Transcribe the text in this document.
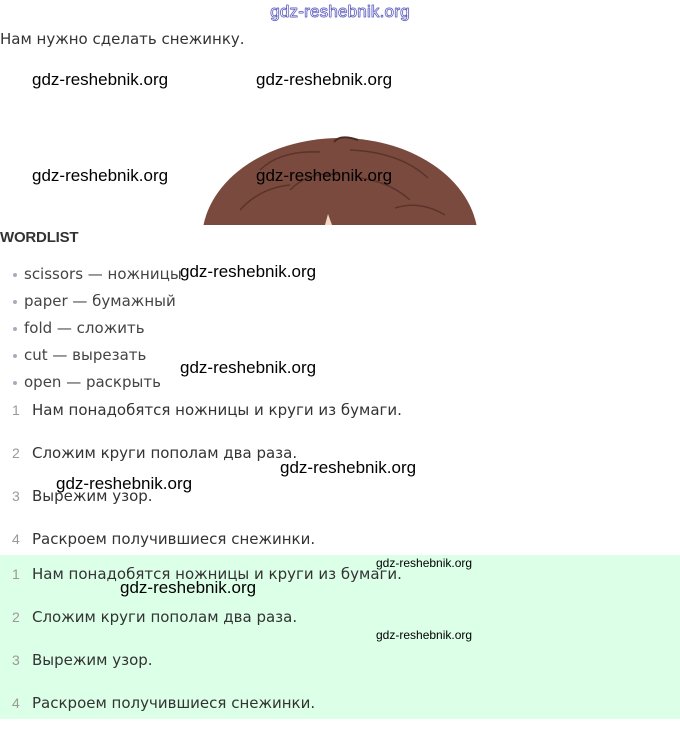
gdz-reshebnik.org
Нам нужно сделать снежинку.
WORDLIST
scissors — ножницы
paper — бумажный
fold — сложить
cut — вырезать
open — раскрыть
1 Нам понадобятся ножницы и круги из бумаги.
2 Сложим круги пополам два раза.
3 Вырежим узор.
4 Раскроем получившиеся снежинки.
1 Нам понадобятся ножницы и круги из бумаги.
2 Сложим круги пополам два раза.
3 Вырежим узор.
4 Раскроем получившиеся снежинки.
gdz-reshebnik.org	gdz-reshebnik.org
gdz-reshebnik.org	gdz-reshebnik.org
gdz-reshebnik.org
gdz-reshebnik.org
gdz-reshebnik.org
gdz-reshebnik.org
gdz-reshebnik.org
gdz-reshebnik.org
gdz-reshebnik.org
